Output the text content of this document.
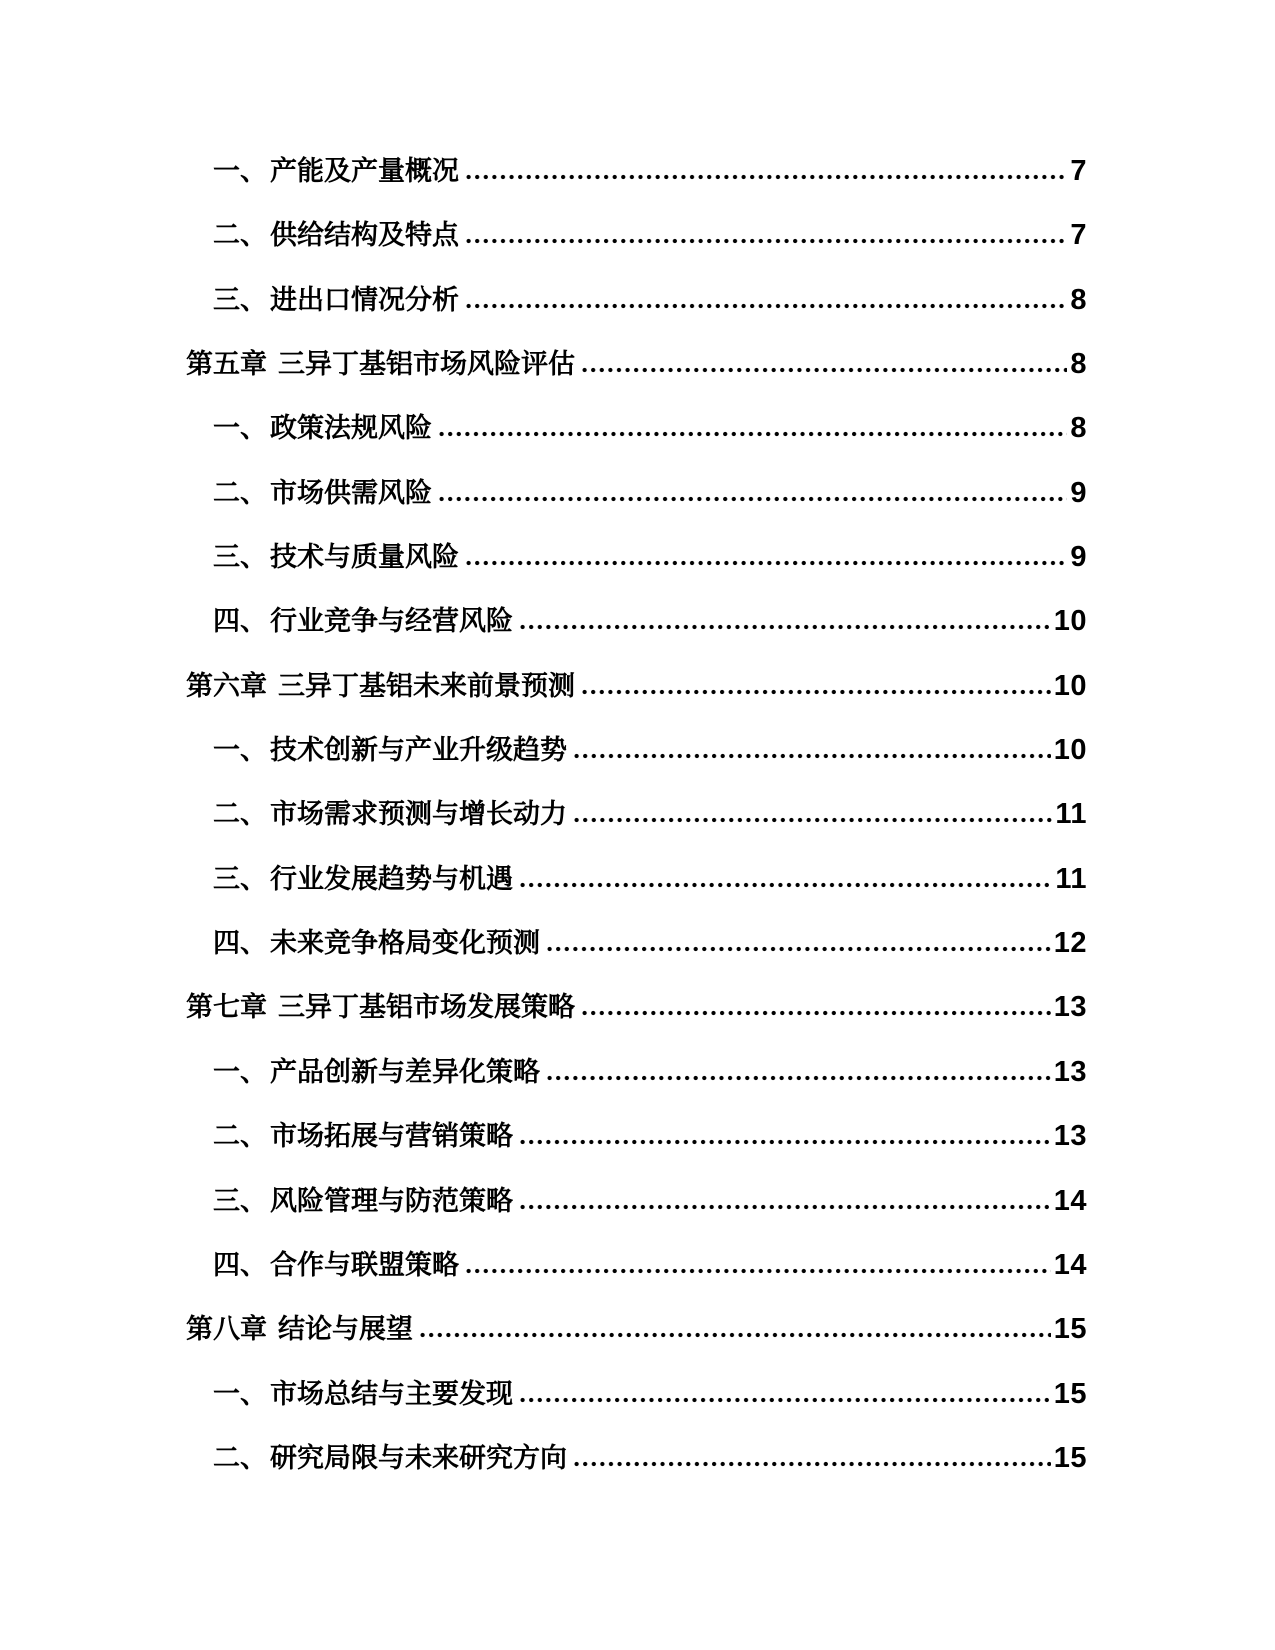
一、 产能及产量概况	7
二、 供给结构及特点	7
三、 进出口情况分析	8
第五章 三异丁基铝市场风险评估	8
一、 政策法规风险	8
二、 市场供需风险	9
三、 技术与质量风险	9
四、 行业竞争与经营风险	10
第六章 三异丁基铝未来前景预测	10
一、 技术创新与产业升级趋势	10
二、 市场需求预测与增长动力	11
三、 行业发展趋势与机遇	11
四、 未来竞争格局变化预测	12
第七章 三异丁基铝市场发展策略	13
一、 产品创新与差异化策略	13
二、 市场拓展与营销策略	13
三、 风险管理与防范策略	14
四、 合作与联盟策略	14
第八章 结论与展望	15
一、 市场总结与主要发现	15
二、 研究局限与未来研究方向	15
